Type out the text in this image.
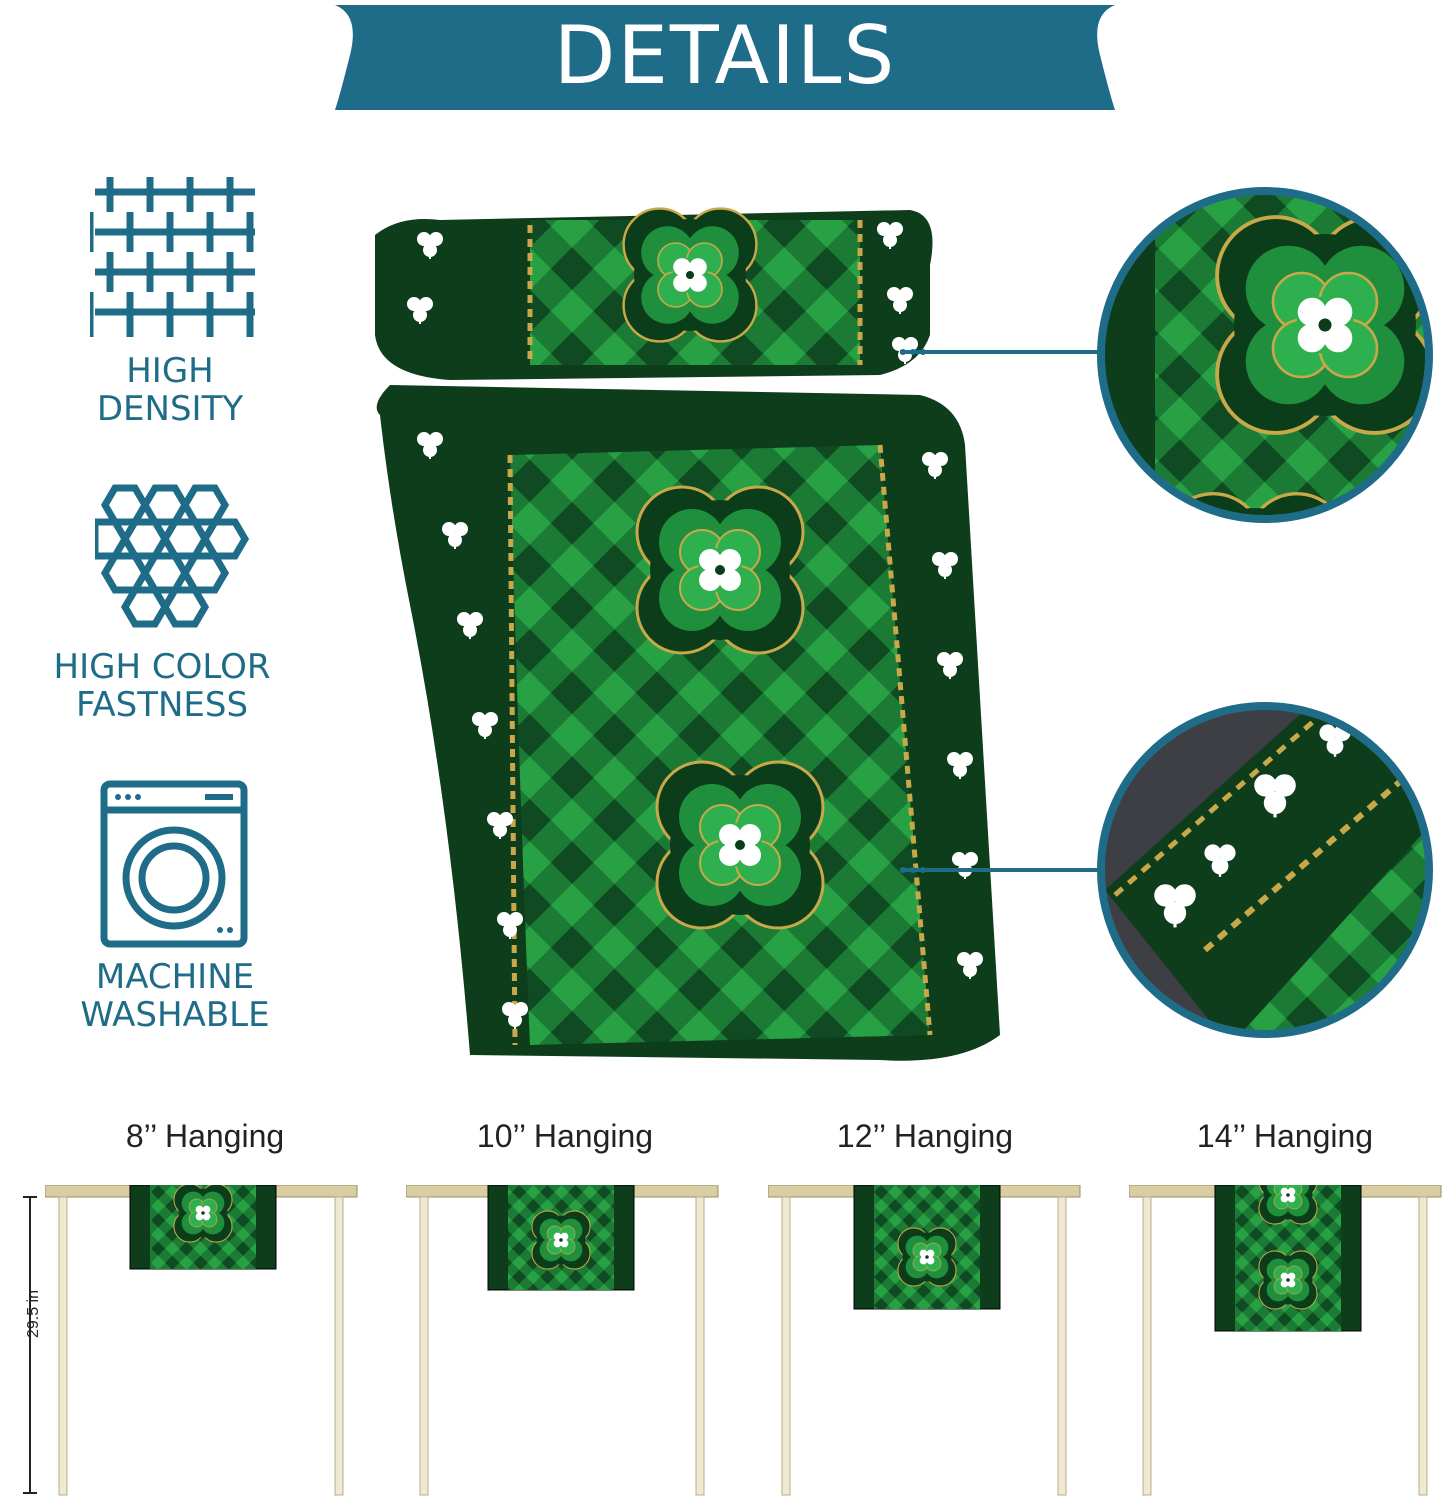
DETAILS
HIGH
DENSITY
HIGH COLOR
FASTNESS
MACHINE
WASHABLE
8’’ Hanging	10’’ Hanging	12’’ Hanging	14’’ Hanging
29.5 in
